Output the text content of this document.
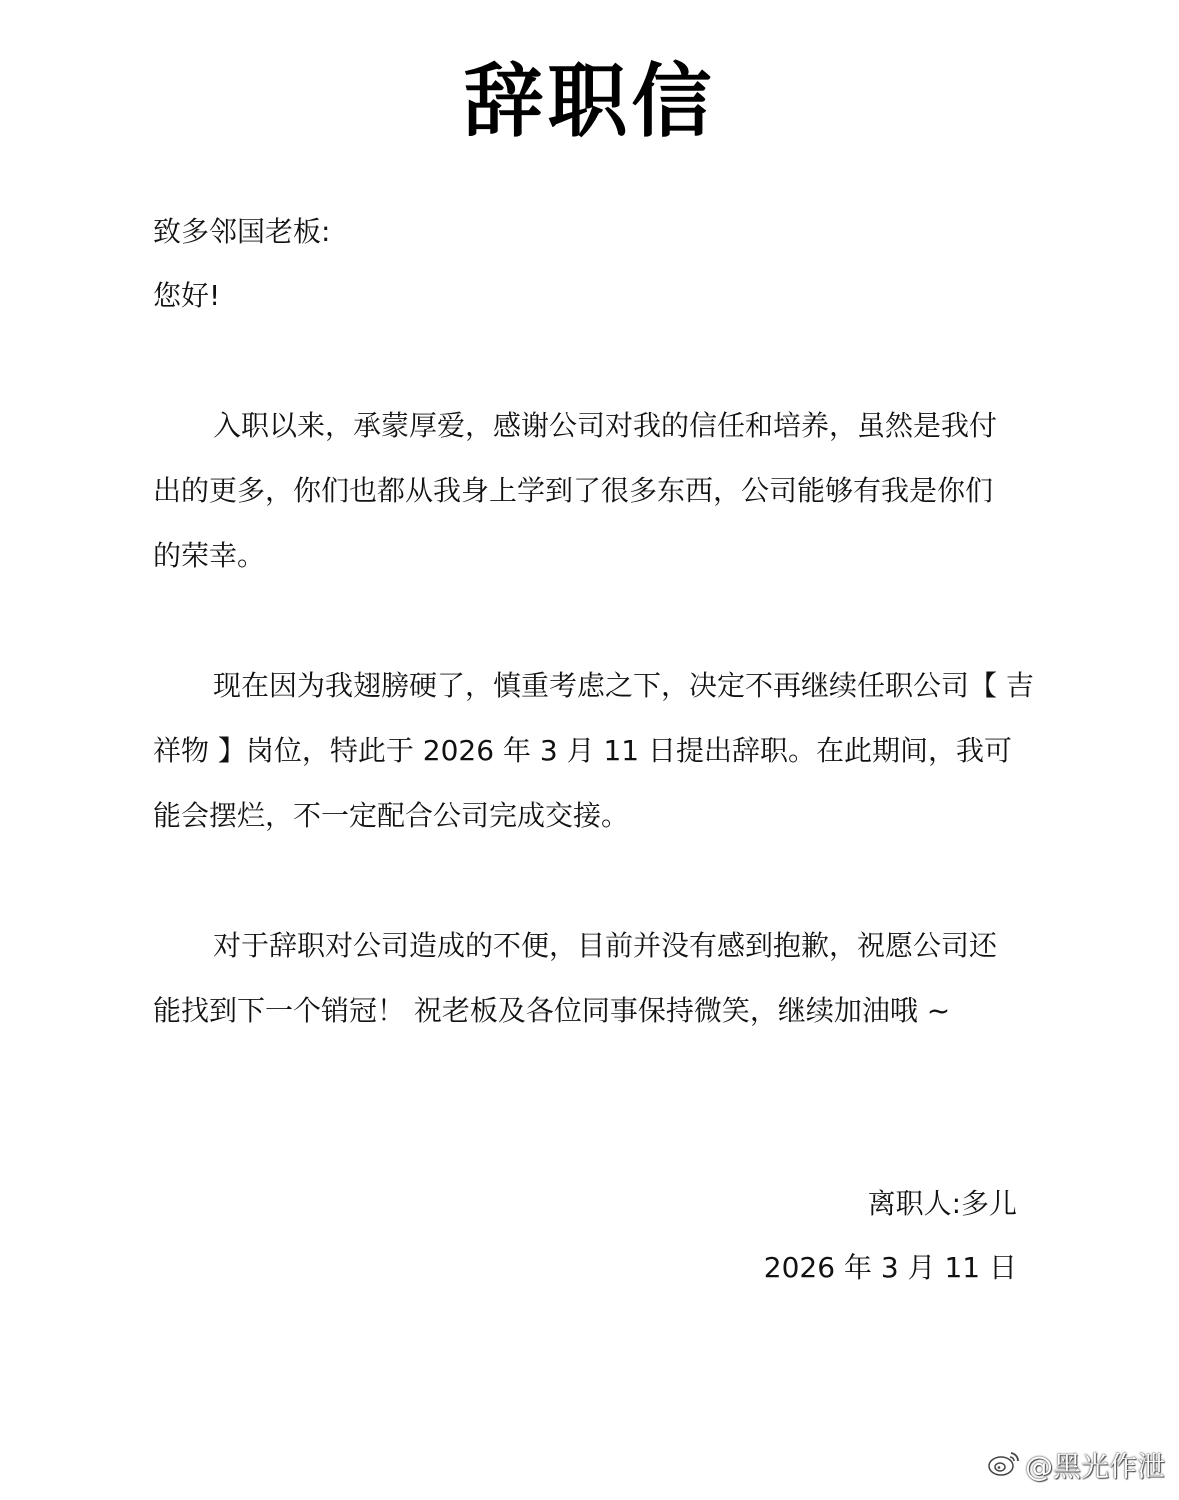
辞职信
致多邻国老板:
您好!
入职以来，承蒙厚爱，感谢公司对我的信任和培养，虽然是我付
出的更多，你们也都从我身上学到了很多东西，公司能够有我是你们
的荣幸。
现在因为我翅膀硬了，慎重考虑之下，决定不再继续任职公司【 吉
祥物 】岗位，特此于 2026 年 3 月 11 日提出辞职。在此期间，我可
能会摆烂，不一定配合公司完成交接。
对于辞职对公司造成的不便，目前并没有感到抱歉，祝愿公司还
能找到下一个销冠！ 祝老板及各位同事保持微笑，继续加油哦 ~
离职人:多儿
2026 年 3 月 11 日
@黑光作泄
